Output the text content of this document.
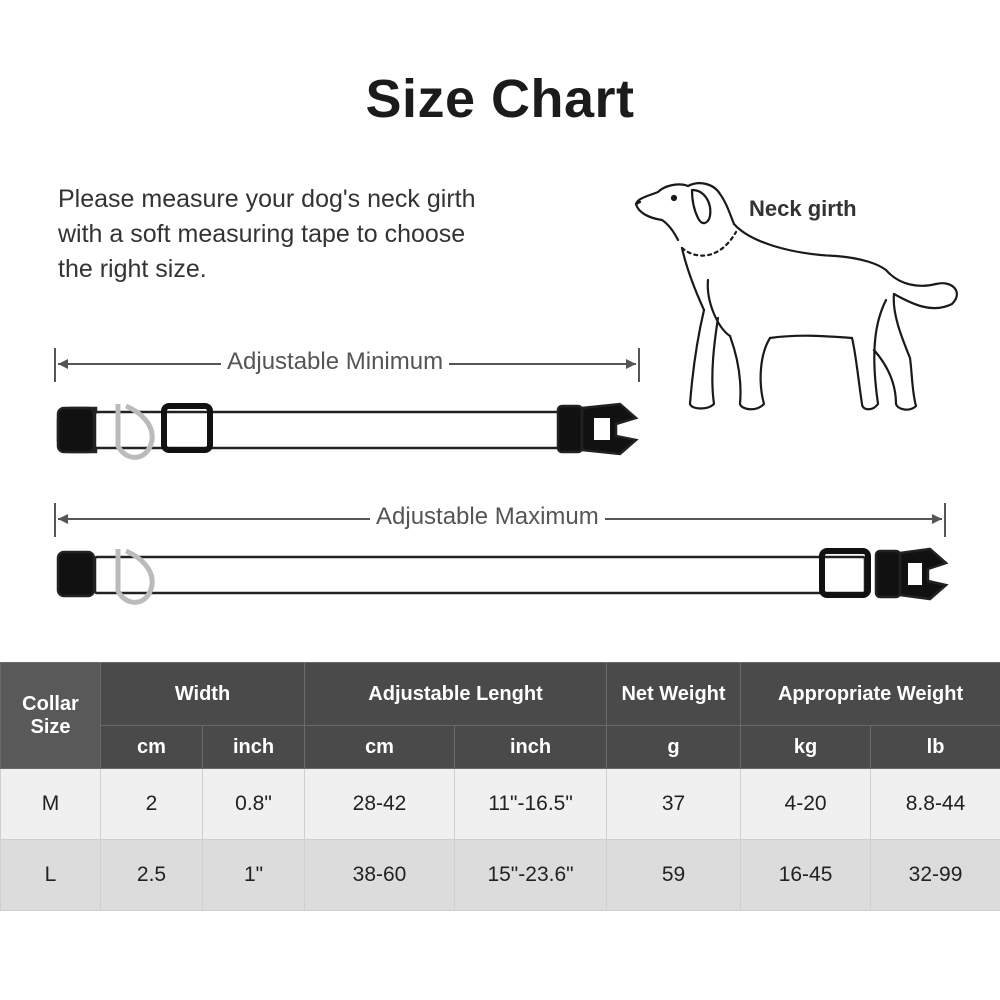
Size Chart
Please measure your dog's neck girth with a soft measuring tape to choose the right size.
Neck girth
Adjustable Minimum
Adjustable Maximum
Collar Size	Width		Adjustable Lenght		Net Weight	Appropriate Weight	
	cm	inch	cm	inch	g	kg	lb
M	2	0.8"	28-42	11"-16.5"	37	4-20	8.8-44
L	2.5	1"	38-60	15"-23.6"	59	16-45	32-99
